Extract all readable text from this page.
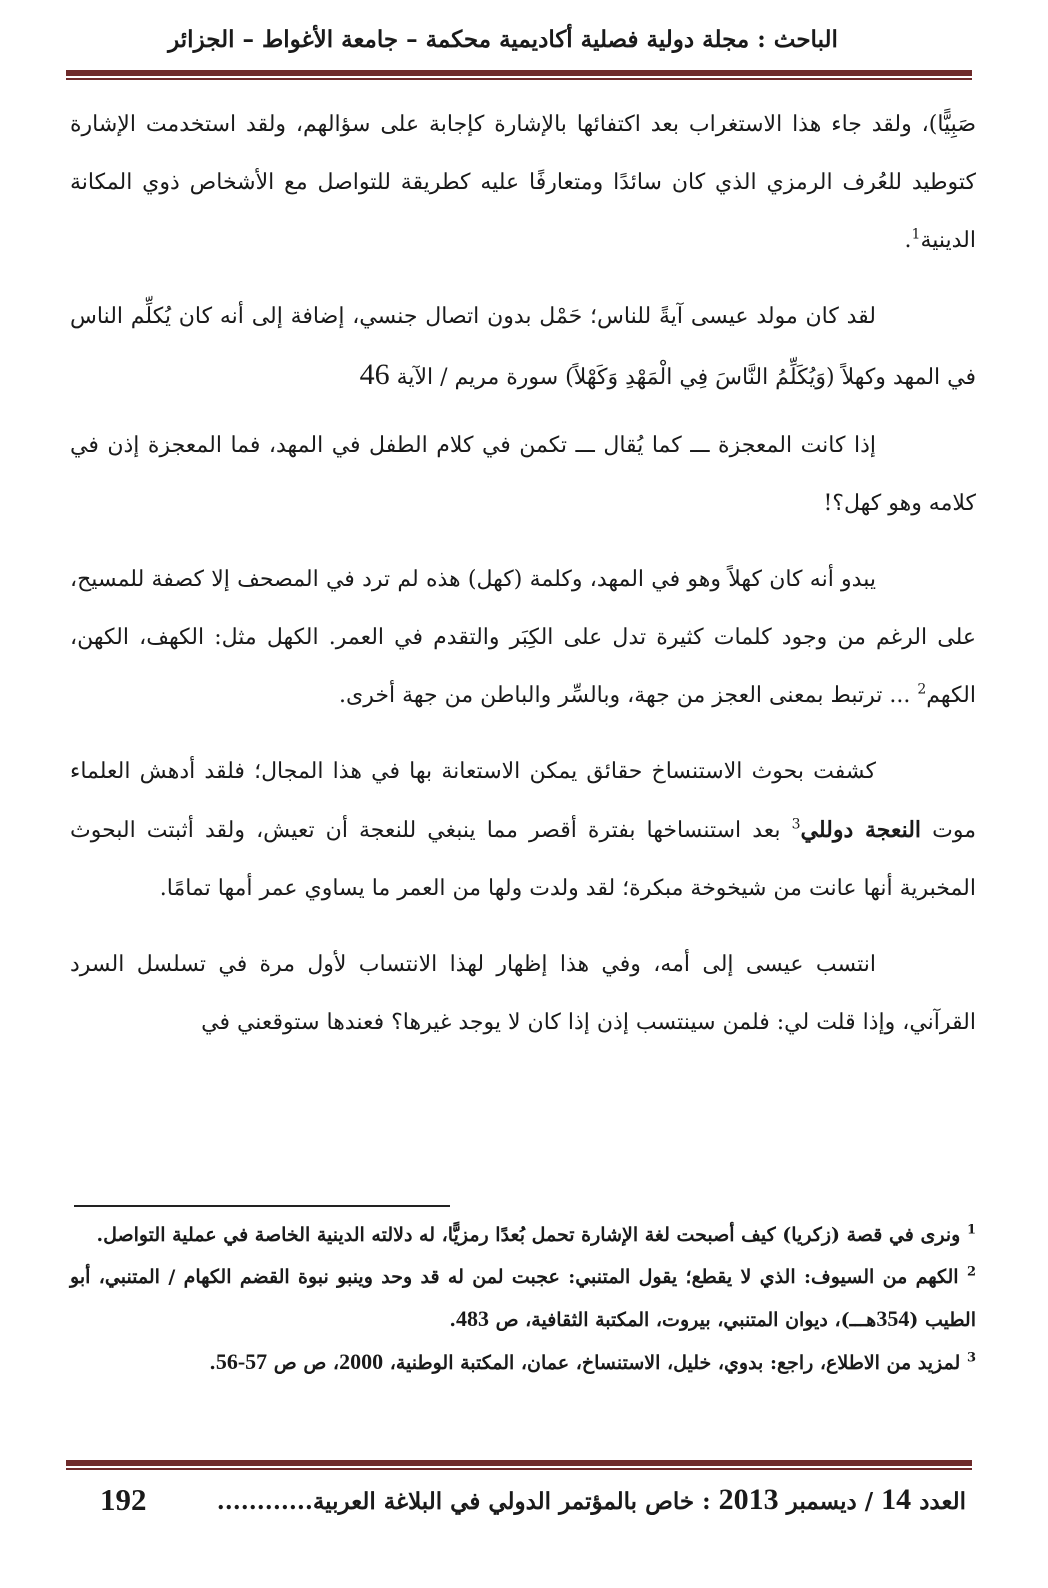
الباحث : مجلة دولية فصلية أكاديمية محكمة – جامعة الأغواط – الجزائر

صَبِيًّا)، ولقد جاء هذا الاستغراب بعد اكتفائها بالإشارة كإجابة على سؤالهم، ولقد استخدمت الإشارة كتوطيد للعُرف الرمزي الذي كان سائدًا ومتعارفًا عليه كطريقة للتواصل مع الأشخاص ذوي المكانة الدينية$^1$.

لقد كان مولد عيسى آيةً للناس؛ حَمْل بدون اتصال جنسي، إضافة إلى أنه كان يُكلِّم الناس في المهد وكهلاً (وَيُكَلِّمُ النَّاسَ فِي الْمَهْدِ وَكَهْلاً) سورة مريم / الآية 46

إذا كانت المعجزة ـــ كما يُقال ـــ تكمن في كلام الطفل في المهد، فما المعجزة إذن في كلامه وهو كهل؟!

يبدو أنه كان كهلاً وهو في المهد، وكلمة (كهل) هذه لم ترد في المصحف إلا كصفة للمسيح، على الرغم من وجود كلمات كثيرة تدل على الكِبَر والتقدم في العمر. الكهل مثل: الكهف، الكهن، الكهم$^2$ ... ترتبط بمعنى العجز من جهة، وبالسِّر والباطن من جهة أخرى.

كشفت بحوث الاستنساخ حقائق يمكن الاستعانة بها في هذا المجال؛ فلقد أدهش العلماء موت النعجة دوللي$^3$ بعد استنساخها بفترة أقصر مما ينبغي للنعجة أن تعيش، ولقد أثبتت البحوث المخبرية أنها عانت من شيخوخة مبكرة؛ لقد ولدت ولها من العمر ما يساوي عمر أمها تمامًا.

انتسب عيسى إلى أمه، وفي هذا إظهار لهذا الانتساب لأول مرة في تسلسل السرد القرآني، وإذا قلت لي: فلمن سينتسب إذن إذا كان لا يوجد غيرها؟ فعندها ستوقعني في

$^1$ ونرى في قصة (زكريا) كيف أصبحت لغة الإشارة تحمل بُعدًا رمزيًّا، له دلالته الدينية الخاصة في عملية التواصل.

$^2$ الكهم من السيوف: الذي لا يقطع؛ يقول المتنبي: عجبت لمن له قد وحد وينبو نبوة القضم الكهام / المتنبي، أبو الطيب (354هـــ)، ديوان المتنبي، بيروت، المكتبة الثقافية، ص 483.

$^3$ لمزيد من الاطلاع، راجع: بدوي، خليل، الاستنساخ، عمان، المكتبة الوطنية، 2000، ص ص 56-57.

العدد 14 / ديسمبر 2013 : خاص بالمؤتمر الدولي في البلاغة العربية............
192
